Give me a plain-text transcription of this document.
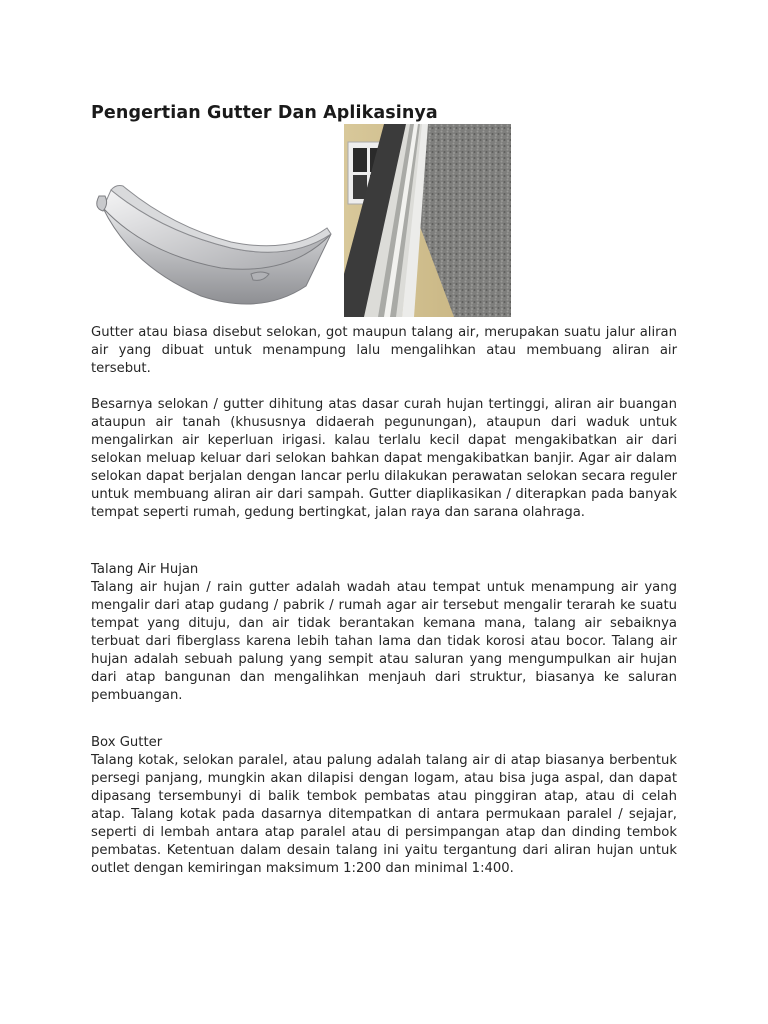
Pengertian Gutter Dan Aplikasinya

Gutter atau biasa disebut selokan, got maupun talang air, merupakan suatu jalur aliran air yang dibuat untuk menampung lalu mengalihkan atau membuang aliran air tersebut.

Besarnya selokan / gutter dihitung atas dasar curah hujan tertinggi, aliran air buangan ataupun air tanah (khususnya didaerah pegunungan), ataupun dari waduk untuk mengalirkan air keperluan irigasi. kalau terlalu kecil dapat mengakibatkan air dari selokan meluap keluar dari selokan bahkan dapat mengakibatkan banjir. Agar air dalam selokan dapat berjalan dengan lancar perlu dilakukan perawatan selokan secara reguler untuk membuang aliran air dari sampah. Gutter diaplikasikan / diterapkan pada banyak tempat seperti rumah, gedung bertingkat, jalan raya dan sarana olahraga.

Talang Air Hujan

Talang air hujan / rain gutter adalah wadah atau tempat untuk menampung air yang mengalir dari atap gudang / pabrik / rumah agar air tersebut mengalir terarah ke suatu tempat yang dituju, dan air tidak berantakan kemana mana, talang air sebaiknya terbuat dari fiberglass karena lebih tahan lama dan tidak korosi atau bocor. Talang air hujan adalah sebuah palung yang sempit atau saluran yang mengumpulkan air hujan dari atap bangunan dan mengalihkan menjauh dari struktur, biasanya ke saluran pembuangan.

Box Gutter

Talang kotak, selokan paralel, atau palung adalah talang air di atap biasanya berbentuk persegi panjang, mungkin akan dilapisi dengan logam, atau bisa juga aspal, dan dapat dipasang tersembunyi di balik tembok pembatas atau pinggiran atap, atau di celah atap. Talang kotak pada dasarnya ditempatkan di antara permukaan paralel / sejajar, seperti di lembah antara atap paralel atau di persimpangan atap dan dinding tembok pembatas. Ketentuan dalam desain talang ini yaitu tergantung dari aliran hujan untuk outlet dengan kemiringan maksimum 1:200 dan minimal 1:400.
